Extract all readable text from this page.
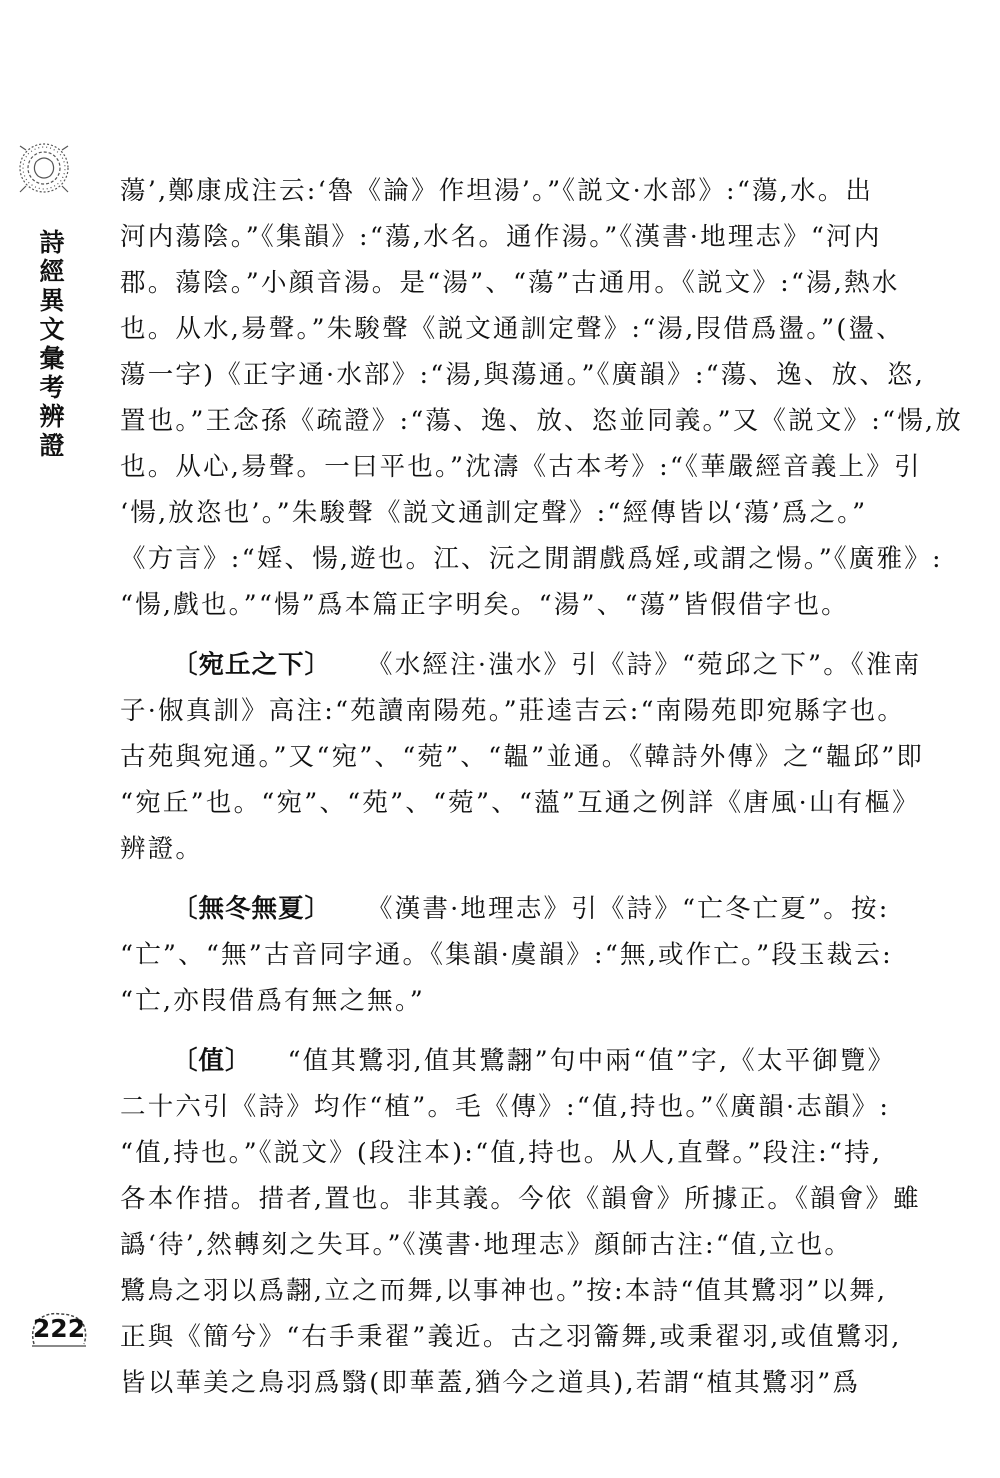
詩
經
異
文
彙
考
辨
證
蕩’,鄭康成注云:‘魯《論》作坦湯’。”《説文·水部》:“蕩,水。出
河内蕩陰。”《集韻》:“蕩,水名。通作湯。”《漢書·地理志》“河内
郡。蕩陰。”小顔音湯。是“湯”、“蕩”古通用。《説文》:“湯,熱水
也。从水,昜聲。”朱駿聲《説文通訓定聲》:“湯,叚借爲盪。”(盪、
蕩一字)《正字通·水部》:“湯,與蕩通。”《廣韻》:“蕩、逸、放、恣,
置也。”王念孫《疏證》:“蕩、逸、放、恣並同義。”又《説文》:“愓,放
也。从心,昜聲。一曰平也。”沈濤《古本考》:“《華嚴經音義上》引
‘愓,放恣也’。”朱駿聲《説文通訓定聲》:“經傳皆以‘蕩’爲之。”
《方言》:“婬、愓,遊也。江、沅之閒謂戲爲婬,或謂之愓。”《廣雅》:
“愓,戲也。”“愓”爲本篇正字明矣。“湯”、“蕩”皆假借字也。
〔宛丘之下〕 《水經注·滍水》引《詩》“菀邱之下”。《淮南
子·俶真訓》高注:“苑讀南陽苑。”莊逵吉云:“南陽苑即宛縣字也。
古苑與宛通。”又“宛”、“菀”、“韞”並通。《韓詩外傳》之“韞邱”即
“宛丘”也。“宛”、“苑”、“菀”、“薀”互通之例詳《唐風·山有樞》
辨證。
〔無冬無夏〕 《漢書·地理志》引《詩》“亡冬亡夏”。按:
“亡”、“無”古音同字通。《集韻·虞韻》:“無,或作亡。”段玉裁云:
“亡,亦叚借爲有無之無。”
〔值〕 “值其鷺羽,值其鷺翿”句中兩“值”字,《太平御覽》
二十六引《詩》均作“植”。毛《傳》:“值,持也。”《廣韻·志韻》:
“值,持也。”《説文》(段注本):“值,持也。从人,直聲。”段注:“持,
各本作措。措者,置也。非其義。今依《韻會》所據正。《韻會》雖
譌‘待’,然轉刻之失耳。”《漢書·地理志》顔師古注:“值,立也。
鷺鳥之羽以爲翿,立之而舞,以事神也。”按:本詩“值其鷺羽”以舞,
正與《簡兮》“右手秉翟”義近。古之羽籥舞,或秉翟羽,或值鷺羽,
皆以華美之鳥羽爲翳(即華蓋,猶今之道具),若謂“植其鷺羽”爲
222
